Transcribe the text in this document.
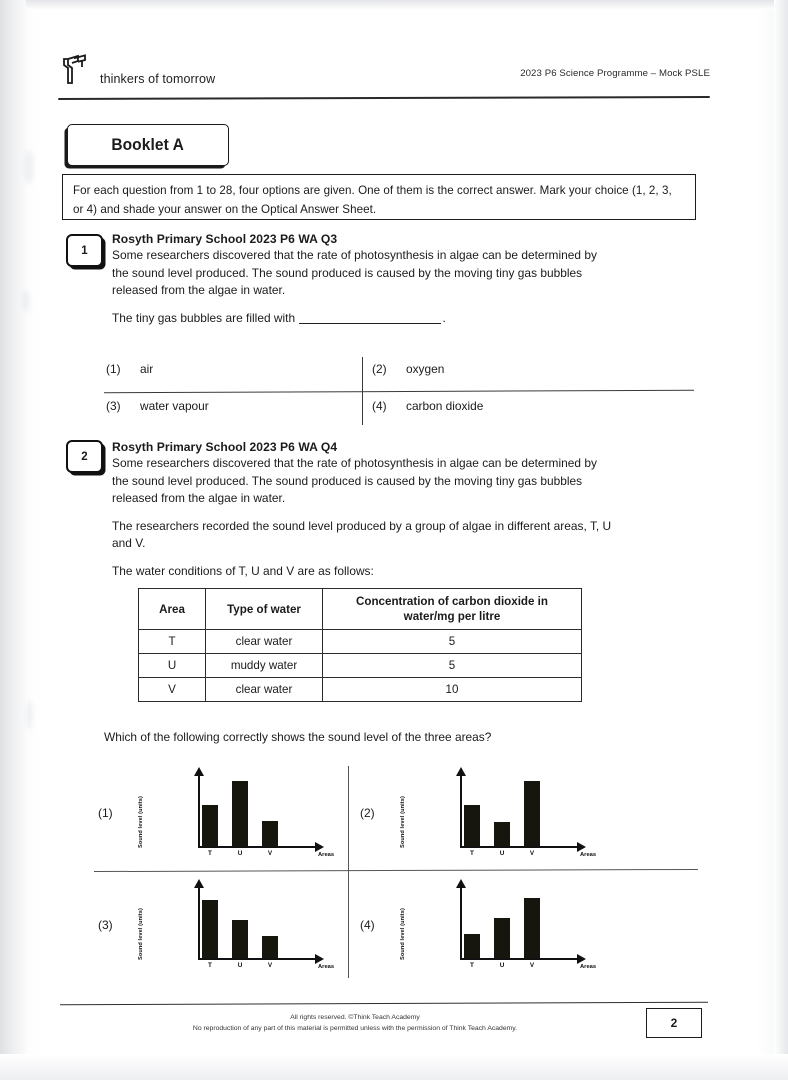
thinkers of tomorrow	2023 P6 Science Programme – Mock PSLE
Booklet A
For each question from 1 to 28, four options are given. One of them is the correct answer. Mark your choice (1, 2, 3, or 4) and shade your answer on the Optical Answer Sheet.
1
Rosyth Primary School 2023 P6 WA Q3

Some researchers discovered that the rate of photosynthesis in algae can be determined by the sound level produced. The sound produced is caused by the moving tiny gas bubbles released from the algae in water.

The tiny gas bubbles are filled with	.

(1)	air	(2)	oxygen
(3)	water vapour	(4)	carbon dioxide
2
Rosyth Primary School 2023 P6 WA Q4

Some researchers discovered that the rate of photosynthesis in algae can be determined by the sound level produced. The sound produced is caused by the moving tiny gas bubbles released from the algae in water.

The researchers recorded the sound level produced by a group of algae in different areas, T, U and V.

The water conditions of T, U and V are as follows:

Area	Type of water	Concentration of carbon dioxide in water/mg per litre
T	clear water	5
U	muddy water	5
V	clear water	10
Which of the following correctly shows the sound level of the three areas?
(1)	Sound level (units)
Areas
T	U	V
(2)	Sound level (units)
Areas
T	U	V
(3)	Sound level (units)
Areas
T	U	V
(4)	Sound level (units)
Areas
T	U	V
All rights reserved. ©Think Teach Academy
No reproduction of any part of this material is permitted unless with the permission of Think Teach Academy.	2
